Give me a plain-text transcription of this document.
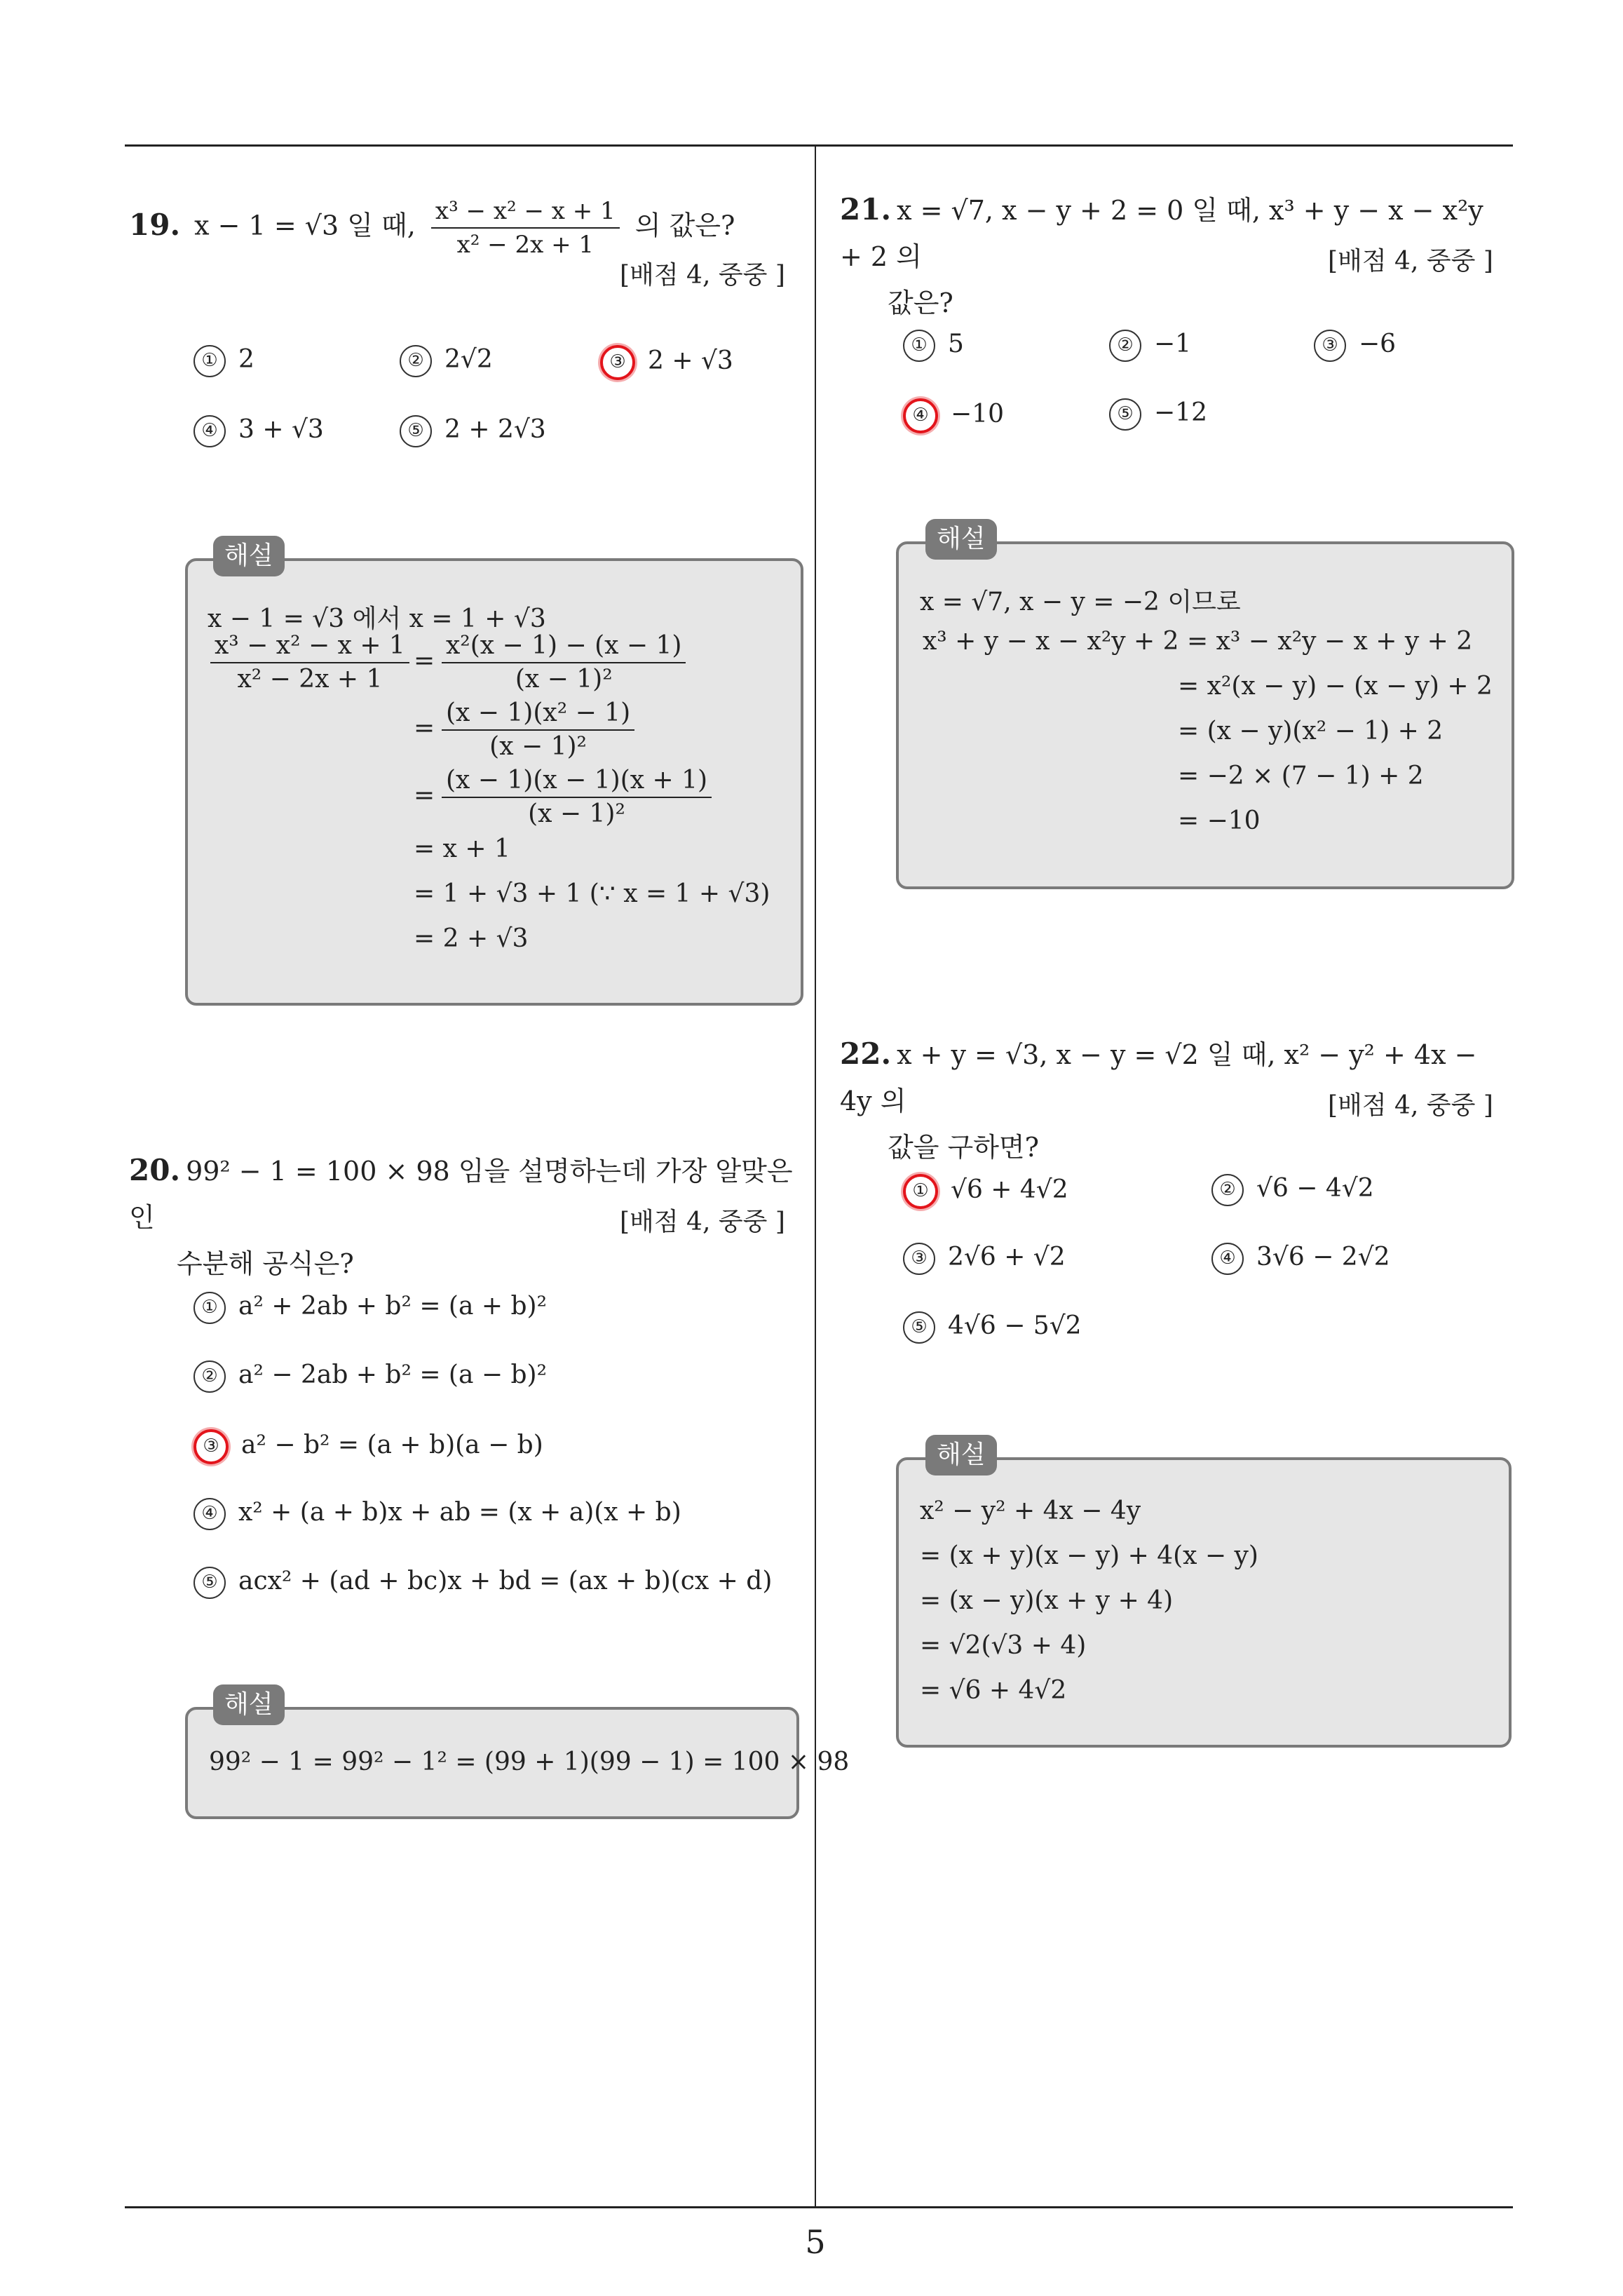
19. x − 1 = √3 일 때, $\frac{\text{x³ − x² − x + 1}}{\text{x² − 2x + 1}}$ 의 값은?
[배점 4, 중중 ]
① 2	② 2√2	③ 2 + √3
④ 3 + √3	⑤ 2 + 2√3
해설
x − 1 = √3 에서 x = 1 + √3
$\frac{\text{x³ − x² − x + 1}}{\text{x² − 2x + 1}} = \frac{\text{x²(x − 1) − (x − 1)}}{\text{(x − 1)²}}$
= $\frac{\text{(x − 1)(x² − 1)}}{\text{(x − 1)²}}$
= $\frac{(x - 1)(x - 1)(x + 1)}{\text{(x − 1)²}}$
= x + 1
= 1 + √3 + 1 (∵ x = 1 + √3)
= 2 + √3
20. 99² − 1 = 100 × 98 임을 설명하는데 가장 알맞은 인
수분해 공식은?
[배점 4, 중중 ]
① a² + 2ab + b² = (a + b)²
② a² − 2ab + b² = (a − b)²
③ a² − b² = (a + b)(a − b)
④ x² + (a + b)x + ab = (x + a)(x + b)
⑤ acx² + (ad + bc)x + bd = (ax + b)(cx + d)
해설
99² − 1 = 99² − 1² = (99 + 1)(99 − 1) = 100 × 98
21. x = √7, x − y + 2 = 0 일 때, x³ + y − x − x²y + 2 의
값은?
[배점 4, 중중 ]
① 5	② −1	③ −6
④ −10	⑤ −12
해설
x = √7, x − y = −2 이므로
x³ + y − x − x²y + 2 = x³ − x²y − x + y + 2
= x²(x − y) − (x − y) + 2
= (x − y)(x² − 1) + 2
= −2 × (7 − 1) + 2
= −10
22. x + y = √3, x − y = √2 일 때, x² − y² + 4x − 4y 의
값을 구하면?
[배점 4, 중중 ]
① √6 + 4√2	② √6 − 4√2
③ 2√6 + √2	④ 3√6 − 2√2
⑤ 4√6 − 5√2
해설
x² − y² + 4x − 4y
= (x + y)(x − y) + 4(x − y)
= (x − y)(x + y + 4)
= √2(√3 + 4)
= √6 + 4√2
5
